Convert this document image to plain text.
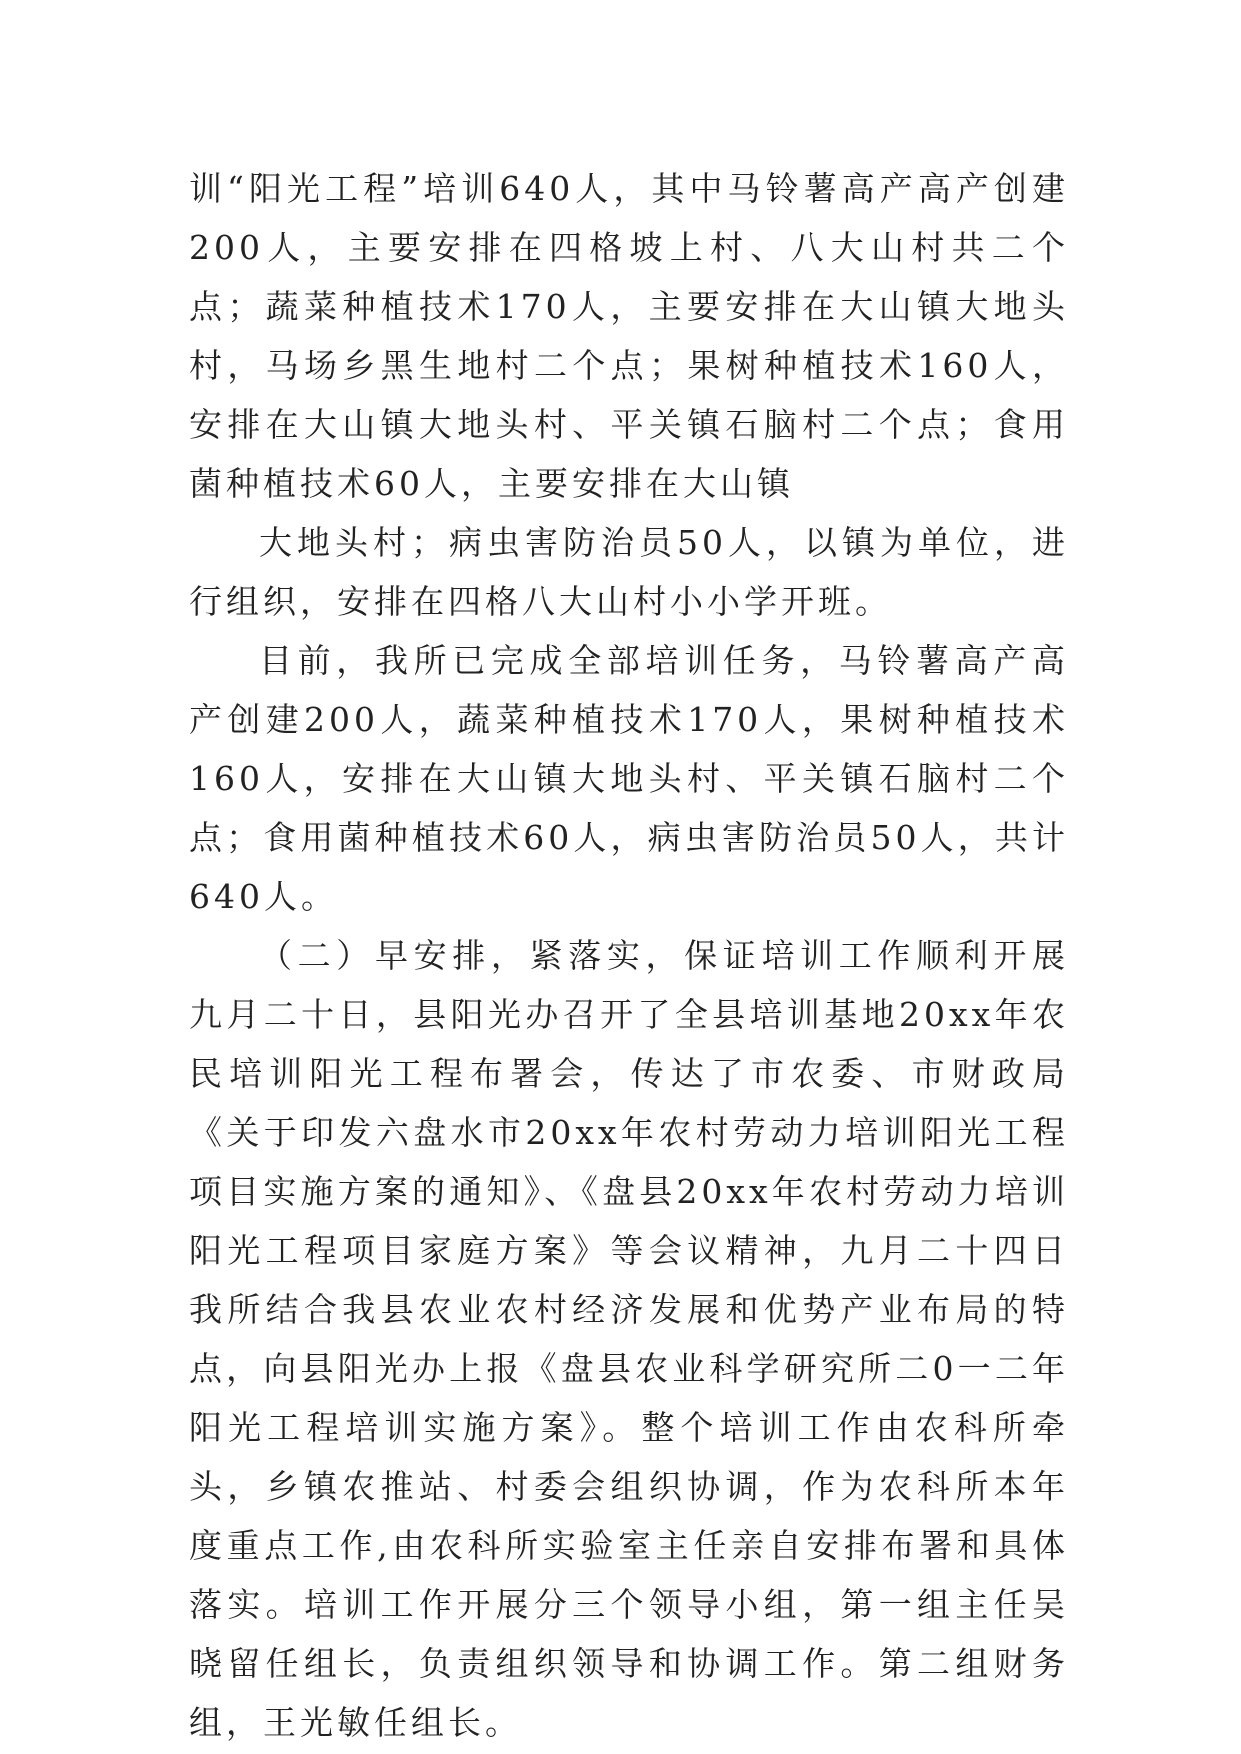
训“阳光工程”培训640人，其中马铃薯高产高产创建200人，主要安排在四格坡上村、八大山村共二个点；蔬菜种植技术170人，主要安排在大山镇大地头村，马场乡黑生地村二个点；果树种植技术160人，安排在大山镇大地头村、平关镇石脑村二个点；食用菌种植技术60人，主要安排在大山镇

大地头村；病虫害防治员50人，以镇为单位，进行组织，安排在四格八大山村小小学开班。

目前，我所已完成全部培训任务，马铃薯高产高产创建200人，蔬菜种植技术170人，果树种植技术160人，安排在大山镇大地头村、平关镇石脑村二个点；食用菌种植技术60人，病虫害防治员50人，共计640人。

（二）早安排，紧落实，保证培训工作顺利开展九月二十日，县阳光办召开了全县培训基地20xx年农民培训阳光工程布署会，传达了市农委、市财政局《关于印发六盘水市20xx年农村劳动力培训阳光工程项目实施方案的通知》、《盘县20xx年农村劳动力培训阳光工程项目家庭方案》等会议精神，九月二十四日我所结合我县农业农村经济发展和优势产业布局的特点，向县阳光办上报《盘县农业科学研究所二0一二年阳光工程培训实施方案》。整个培训工作由农科所牵头，乡镇农推站、村委会组织协调，作为农科所本年度重点工作,由农科所实验室主任亲自安排布署和具体落实。培训工作开展分三个领导小组，第一组主任吴晓留任组长，负责组织领导和协调工作。第二组财务组，王光敏任组长。
